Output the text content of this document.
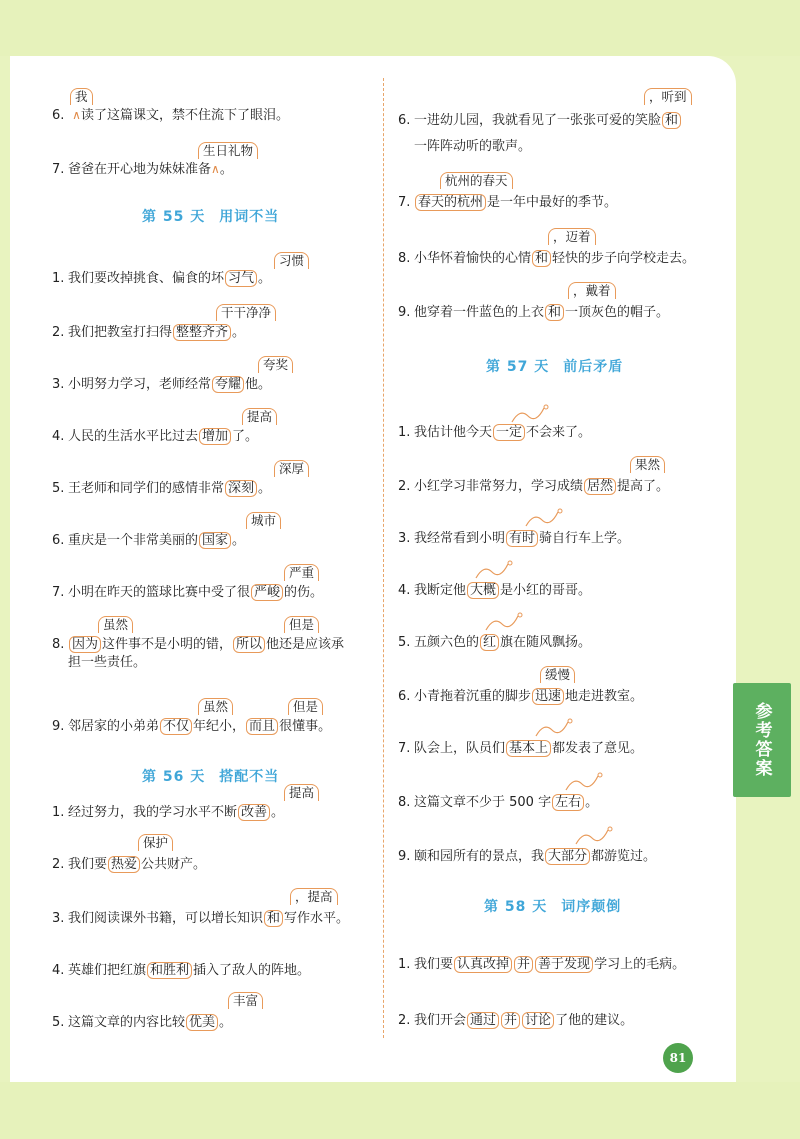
6. ∧读了这篇课文，禁不住流下了眼泪。
我
7. 爸爸在开心地为妹妹准备∧。
生日礼物
第 55 天 用词不当
1. 我们要改掉挑食、偏食的坏 习气 。
习惯
2. 我们把教室打扫得 整整齐齐 。
干干净净
3. 小明努力学习，老师经常 夸耀 他。
夸奖
4. 人民的生活水平比过去 增加 了。
提高
5. 王老师和同学们的感情非常 深刻 。
深厚
6. 重庆是一个非常美丽的 国家 。
城市
7. 小明在昨天的篮球比赛中受了很 严峻 的伤。
严重
8. 因为 这件事不是小明的错， 所以 他还是应该承
担一些责任。
虽然	但是
9. 邻居家的小弟弟 不仅 年纪小， 而且 很懂事。
虽然	但是
第 56 天 搭配不当
1. 经过努力，我的学习水平不断 改善 。
提高
2. 我们要 热爱 公共财产。
保护
3. 我们阅读课外书籍，可以增长知识 和 写作水平。
，提高
4. 英雄们把红旗 和胜利 插入了敌人的阵地。
5. 这篇文章的内容比较 优美 。
丰富
6. 一进幼儿园，我就看见了一张张可爱的笑脸 和
一阵阵动听的歌声。
，听到
7. 春天的杭州 是一年中最好的季节。
杭州的春天
8. 小华怀着愉快的心情 和 轻快的步子向学校走去。
，迈着
9. 他穿着一件蓝色的上衣 和 一顶灰色的帽子。
，戴着
第 57 天 前后矛盾
1. 我估计他今天 一定 不会来了。
2. 小红学习非常努力，学习成绩 居然 提高了。
果然
3. 我经常看到小明 有时 骑自行车上学。
4. 我断定他 大概 是小红的哥哥。
5. 五颜六色的 红 旗在随风飘扬。
6. 小青拖着沉重的脚步 迅速 地走进教室。
缓慢
7. 队会上，队员们 基本上 都发表了意见。
8. 这篇文章不少于 500 字 左右 。
9. 颐和园所有的景点，我 大部分 都游览过。
第 58 天 词序颠倒
1. 我们要 认真改掉 并 善于发现 学习上的毛病。
2. 我们开会 通过 并 讨论 了他的建议。
参考答案
81
